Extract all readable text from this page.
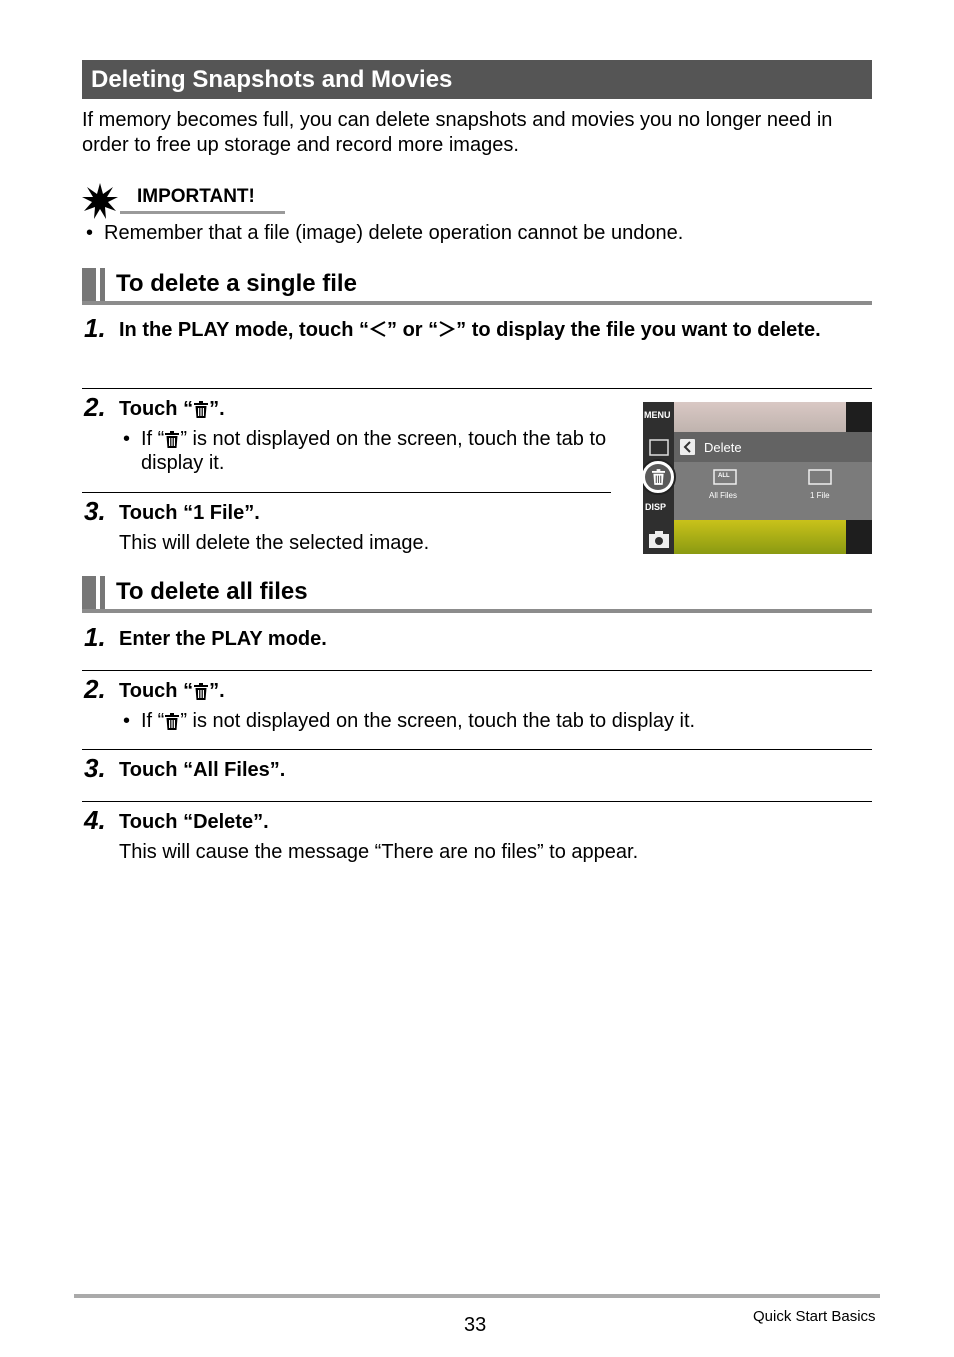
Deleting Snapshots and Movies
If memory becomes full, you can delete snapshots and movies you no longer need in order to free up storage and record more images.
IMPORTANT!
• Remember that a file (image) delete operation cannot be undone.
To delete a single file
1. In the PLAY mode, touch “ ” or “ ” to display the file you want to delete.
2. Touch “ ”.
• If “ ” is not displayed on the screen, touch the tab to display it.
3. Touch “1 File”.
This will delete the selected image.
MENU
DISP
Delete
ALL
All Files	1 File
To delete all files
1. Enter the PLAY mode.
2. Touch “ ”.
• If “ ” is not displayed on the screen, touch the tab to display it.
3. Touch “All Files”.
4. Touch “Delete”.
This will cause the message “There are no files” to appear.
33	Quick Start Basics
